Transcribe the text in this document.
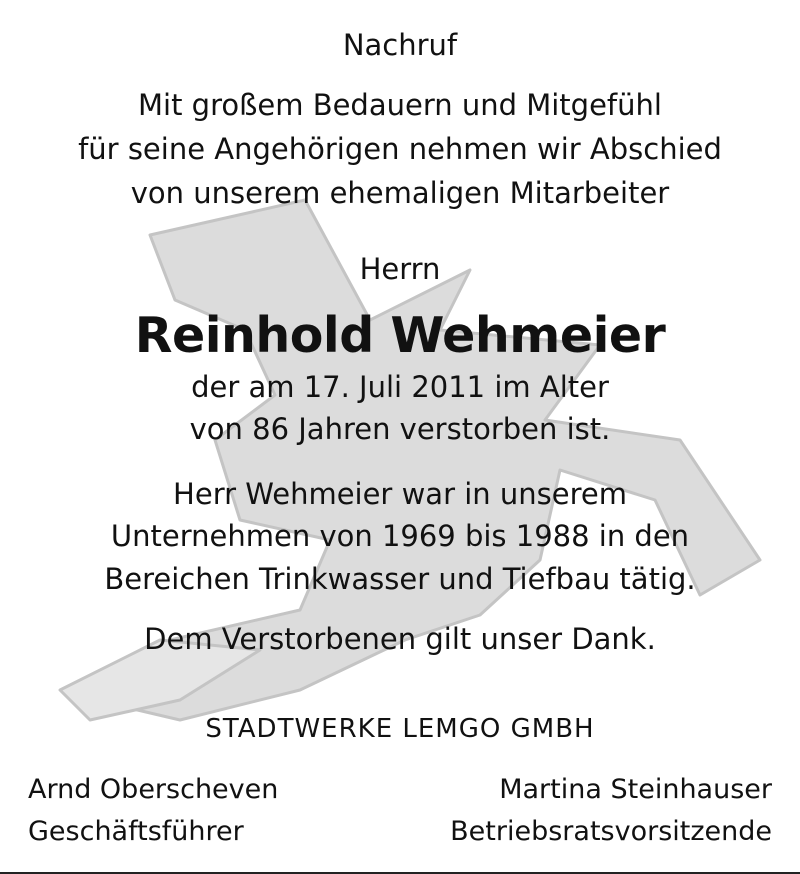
Nachruf
Mit großem Bedauern und Mitgefühl
für seine Angehörigen nehmen wir Abschied
von unserem ehemaligen Mitarbeiter
Herrn
Reinhold Wehmeier
der am 17. Juli 2011 im Alter
von 86 Jahren verstorben ist.
Herr Wehmeier war in unserem
Unternehmen von 1969 bis 1988 in den
Bereichen Trinkwasser und Tiefbau tätig.
Dem Verstorbenen gilt unser Dank.
STADTWERKE LEMGO GMBH
Arnd Oberscheven
Geschäftsführer
Martina Steinhauser
Betriebsratsvorsitzende
